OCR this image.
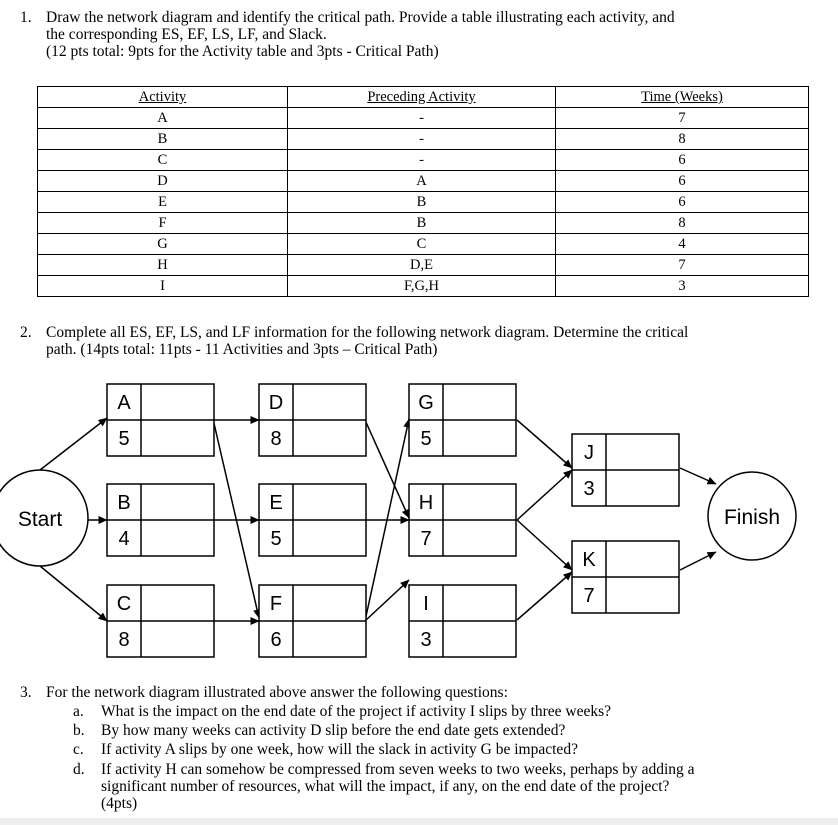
1. Draw the network diagram and identify the critical path. Provide a table illustrating each activity, and
the corresponding ES, EF, LS, LF, and Slack.
(12 pts total: 9pts for the Activity table and 3pts - Critical Path)
Activity	Preceding Activity	Time (Weeks)
A	-	7
B	-	8
C	-	6
D	A	6
E	B	6
F	B	8
G	C	4
H	D,E	7
I	F,G,H	3
2. Complete all ES, EF, LS, and LF information for the following network diagram. Determine the critical
path. (14pts total: 11pts - 11 Activities and 3pts – Critical Path)
Start	Finish
A
5
B
4
C
8
D
8
E
5
F
6
G
5
H
7
I
3
J
3
K
7
3. For the network diagram illustrated above answer the following questions:
a. What is the impact on the end date of the project if activity I slips by three weeks?
b. By how many weeks can activity D slip before the end date gets extended?
c. If activity A slips by one week, how will the slack in activity G be impacted?
d. If activity H can somehow be compressed from seven weeks to two weeks, perhaps by adding a
significant number of resources, what will the impact, if any, on the end date of the project?
(4pts)
